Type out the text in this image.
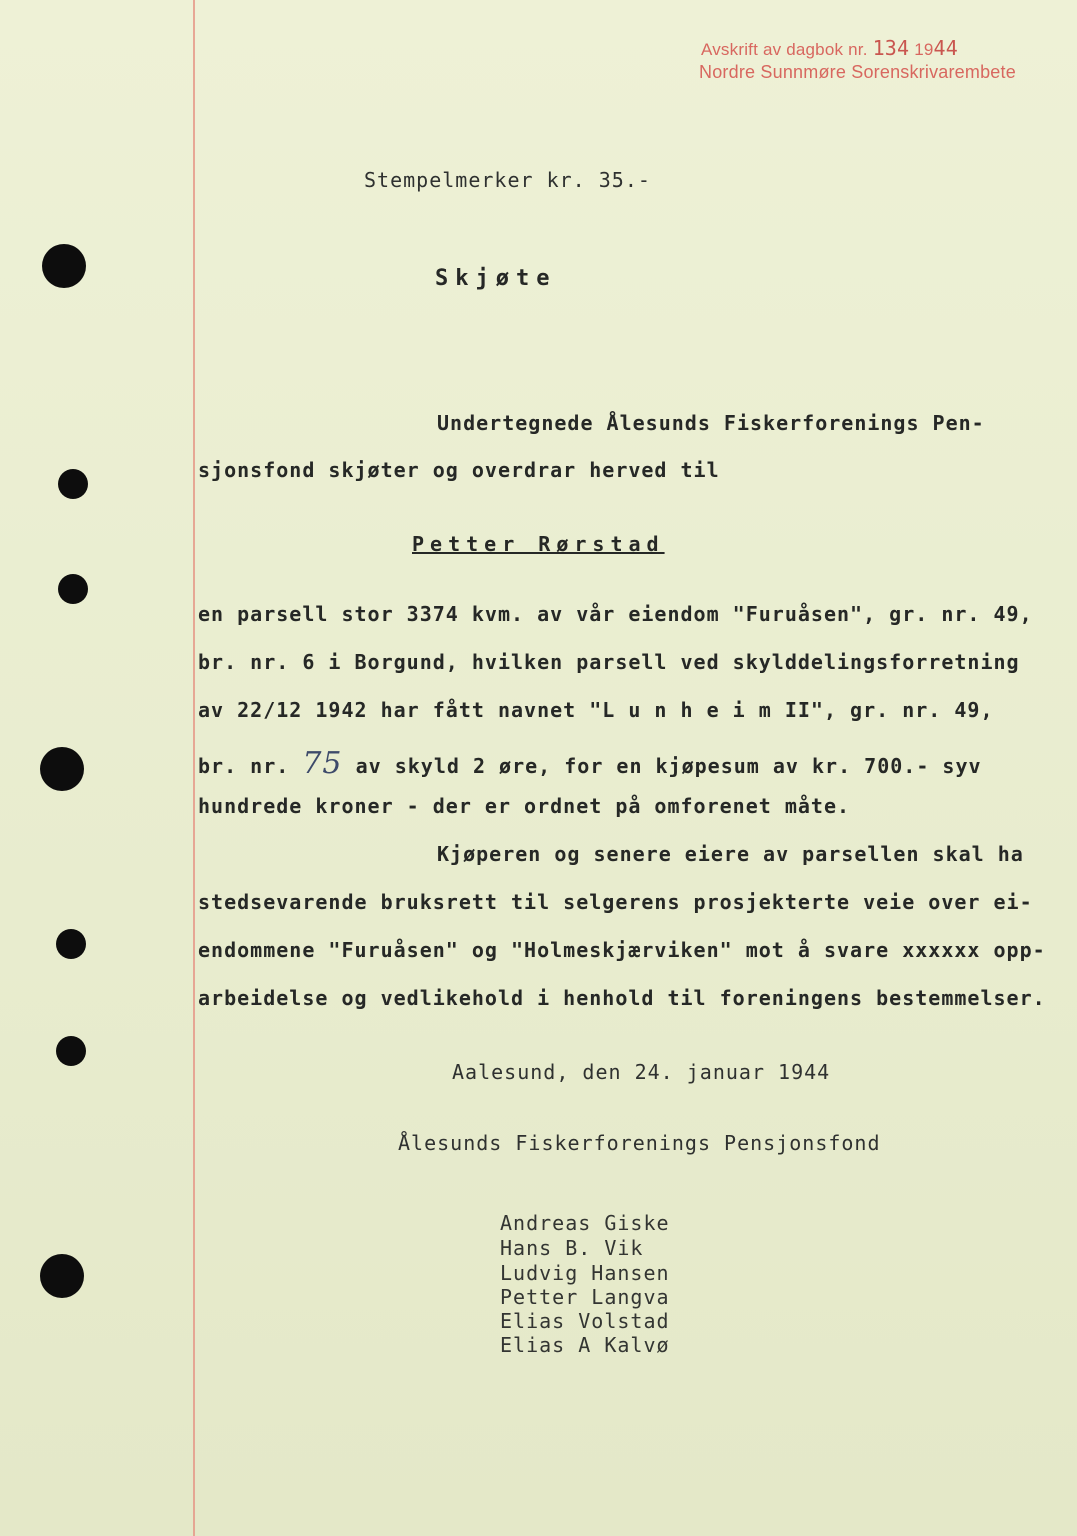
Avskrift av dagbok nr. 134 1944
Nordre Sunnmøre Sorenskrivarembete
Stempelmerker kr. 35.-
Skjøte
Undertegnede Ålesunds Fiskerforenings Pen-
sjonsfond skjøter og overdrar herved til
Petter Rørstad
en parsell stor 3374 kvm. av vår eiendom "Furuåsen", gr. nr. 49,
br. nr. 6 i Borgund, hvilken parsell ved skylddelingsforretning
av 22/12 1942 har fått navnet "L u n h e i m II", gr. nr. 49,
br. nr. 75 av skyld 2 øre, for en kjøpesum av kr. 700.- syv
hundrede kroner - der er ordnet på omforenet måte.
Kjøperen og senere eiere av parsellen skal ha
stedsevarende bruksrett til selgerens prosjekterte veie over ei-
endommene "Furuåsen" og "Holmeskjærviken" mot å svare xxxxxx opp-
arbeidelse og vedlikehold i henhold til foreningens bestemmelser.
Aalesund, den 24. januar 1944
Ålesunds Fiskerforenings Pensjonsfond
Andreas Giske
Hans B. Vik
Ludvig Hansen
Petter Langva
Elias Volstad
Elias A Kalvø
